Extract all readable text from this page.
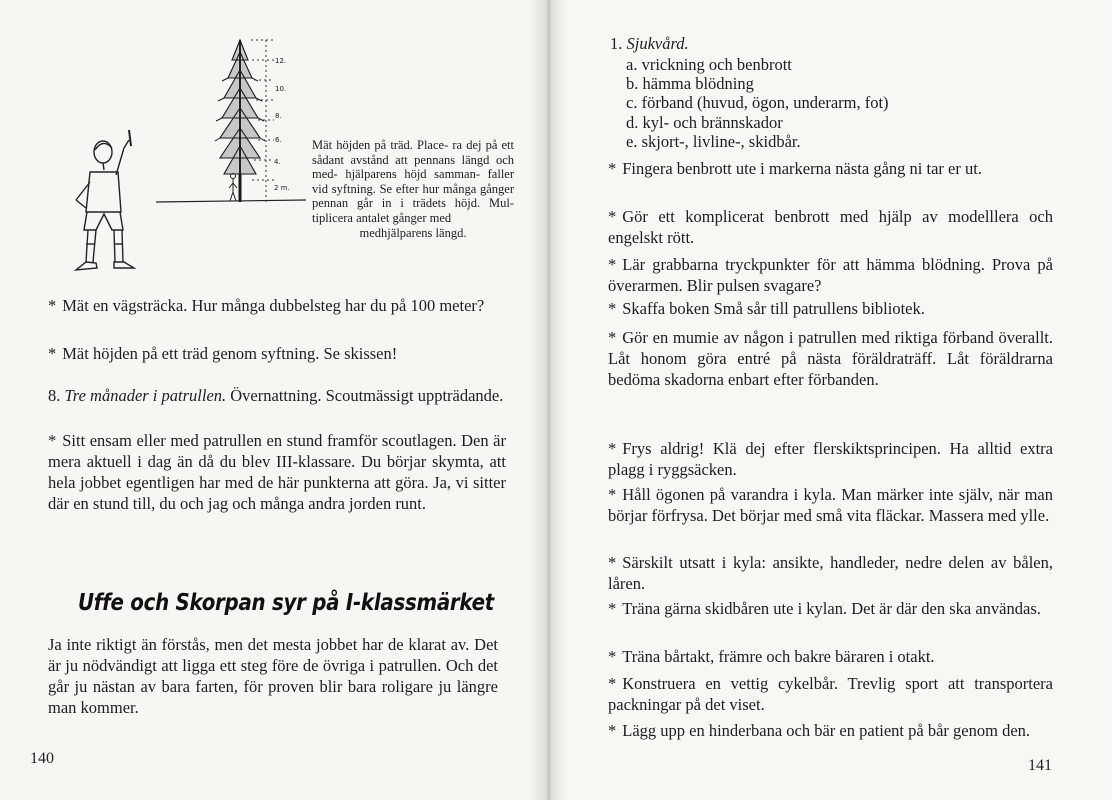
12.
10.
8.
6.
4.
2 m.
Mät höjden på träd. Place- ra dej på ett sådant avstånd att pennans längd och med- hjälparens höjd samman- faller vid syftning. Se efter hur många gånger pennan går in i trädets höjd. Mul- tiplicera antalet gånger med
medhjälparens längd.
* Mät en vägsträcka. Hur många dubbelsteg har du på 100 meter?
* Mät höjden på ett träd genom syftning. Se skissen!
8. Tre månader i patrullen. Övernattning. Scoutmässigt uppträdande.
* Sitt ensam eller med patrullen en stund framför scoutlagen. Den är mera aktuell i dag än då du blev III-klassare. Du börjar skymta, att hela jobbet egentligen har med de här punkterna att göra. Ja, vi sitter där en stund till, du och jag och många andra jorden runt.
Uffe och Skorpan syr på I-klassmärket
Ja inte riktigt än förstås, men det mesta jobbet har de klarat av. Det är ju nödvändigt att ligga ett steg före de övriga i patrullen. Och det går ju nästan av bara farten, för proven blir bara roligare ju längre man kommer.
140
1. Sjukvård.
a. vrickning och benbrott
b. hämma blödning
c. förband (huvud, ögon, underarm, fot)
d. kyl- och brännskador
e. skjort-, livline-, skidbår.
* Fingera benbrott ute i markerna nästa gång ni tar er ut.
* Gör ett komplicerat benbrott med hjälp av modelllera och engelskt rött.
* Lär grabbarna tryckpunkter för att hämma blödning. Prova på överarmen. Blir pulsen svagare?
* Skaffa boken Små sår till patrullens bibliotek.
* Gör en mumie av någon i patrullen med riktiga förband överallt. Låt honom göra entré på nästa föräldraträff. Låt föräldrarna bedöma skadorna enbart efter förbanden.
* Frys aldrig! Klä dej efter flerskiktsprincipen. Ha alltid extra plagg i ryggsäcken.
* Håll ögonen på varandra i kyla. Man märker inte själv, när man börjar förfrysa. Det börjar med små vita fläckar. Massera med ylle.
* Särskilt utsatt i kyla: ansikte, handleder, nedre delen av bålen, låren.
* Träna gärna skidbåren ute i kylan. Det är där den ska användas.
* Träna bårtakt, främre och bakre bäraren i otakt.
* Konstruera en vettig cykelbår. Trevlig sport att transportera packningar på det viset.
* Lägg upp en hinderbana och bär en patient på bår genom den.
141
